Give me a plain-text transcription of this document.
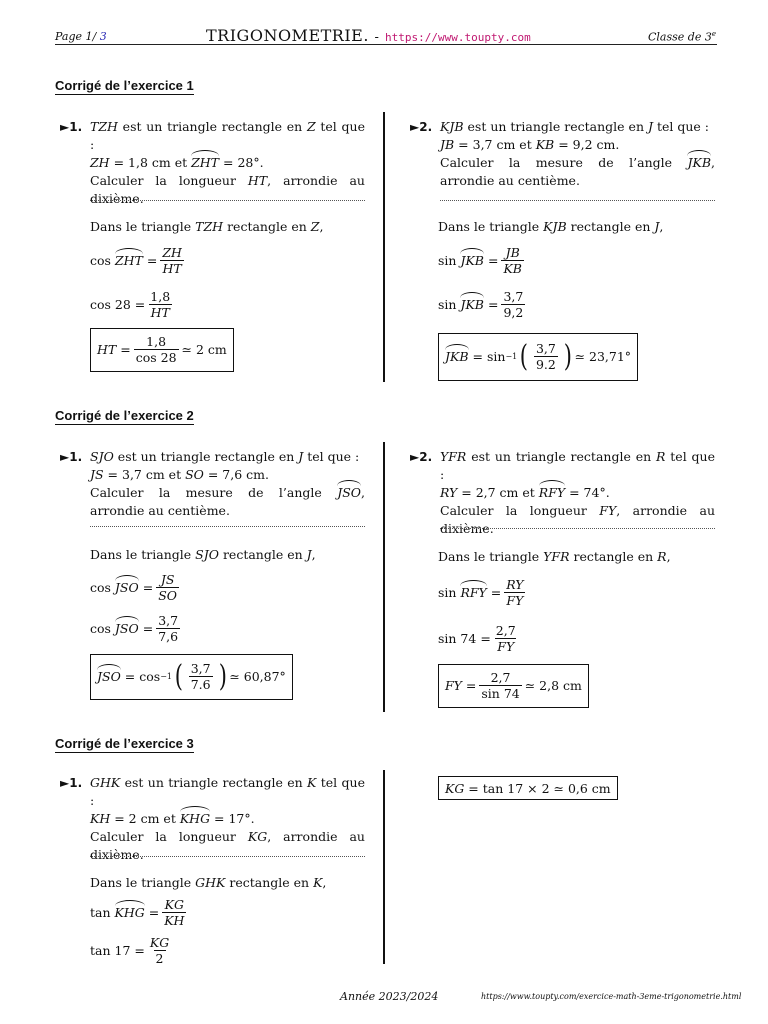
Page 1/ 3	TRIGONOMETRIE. - https://www.toupty.com	Classe de 3e
Corrigé de l’exercice 1
►1. TZH est un triangle rectangle en Z tel que :
ZH = 1,8 cm et ZHT = 28°.
Calculer la longueur HT, arrondie au dixième.
Dans le triangle TZH rectangle en Z,
cos ZHT = $\frac{ZH}{HT}$
$\cos 28 = \frac{1,8}{HT}$
HT = $\frac{1,8}{\cos 28}$ ≃ 2 cm
►2. KJB est un triangle rectangle en J tel que :
JB = 3,7 cm et KB = 9,2 cm.
Calculer la mesure de l’angle JKB, arrondie au centième.
Dans le triangle KJB rectangle en J,
sin JKB = $\frac{JB}{KB}$
sin JKB = $\frac{3,7}{9,2}$
JKB = sin −1 ( $\frac{3,7}{9.2}$ ) ≃ 23,71°
Corrigé de l’exercice 2
►1. SJO est un triangle rectangle en J tel que :
JS = 3,7 cm et SO = 7,6 cm.
Calculer la mesure de l’angle JSO, arrondie au centième.
Dans le triangle SJO rectangle en J,
cos JSO = $\frac{JS}{SO}$
cos JSO = $\frac{3,7}{7,6}$
JSO = cos −1 ( $\frac{3,7}{7.6}$ ) ≃ 60,87°
►2. YFR est un triangle rectangle en R tel que :
RY = 2,7 cm et RFY = 74°.
Calculer la longueur FY, arrondie au dixième.
Dans le triangle YFR rectangle en R,
sin RFY = $\frac{RY}{FY}$
$\sin 74 = \frac{2,7}{FY}$
FY = $\frac{2,7}{\sin 74}$ ≃ 2,8 cm
Corrigé de l’exercice 3
►1. GHK est un triangle rectangle en K tel que :
KH = 2 cm et KHG = 17°.
Calculer la longueur KG, arrondie au dixième.
Dans le triangle GHK rectangle en K,
tan KHG = $\frac{KG}{KH}$
$\tan 17 = \frac{KG}{2}$
KG = tan 17 × 2 ≃ 0,6 cm
Année 2023/2024	https://www.toupty.com/exercice-math-3eme-trigonometrie.html
